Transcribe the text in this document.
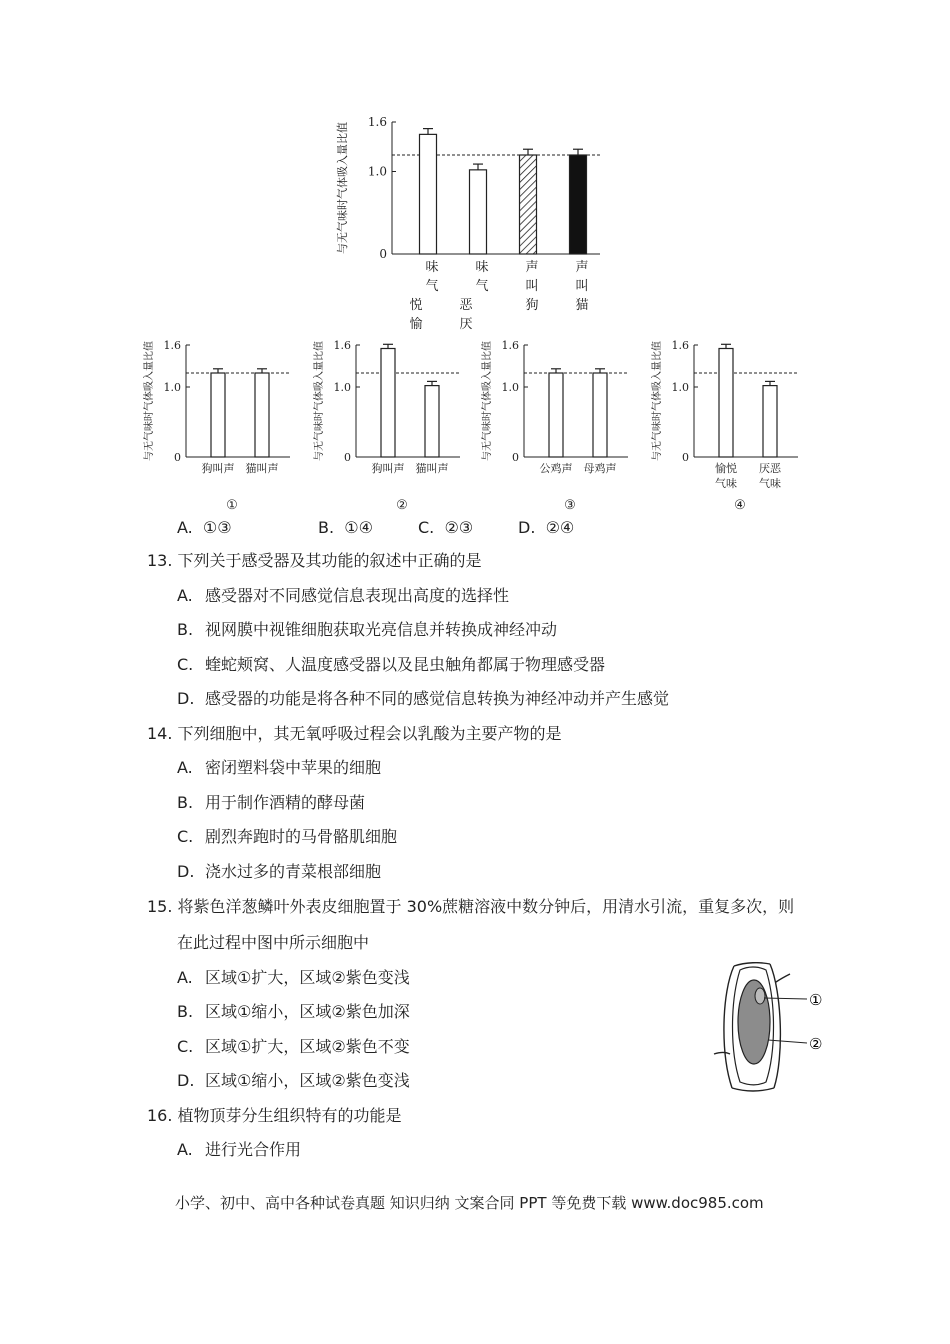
与无气味时气体吸入量比值	0
1.0
1.6
味
气
悦
愉
味
气
恶
厌
声
叫
狗
声
叫
猫
与无气味时气体吸入量比值 0
1.0
1.6
狗叫声 猫叫声
①
与无气味时气体吸入量比值 0
1.0
1.6
狗叫声 猫叫声
②
与无气味时气体吸入量比值 0
1.0
1.6
公鸡声 母鸡声
③
与无气味时气体吸入量比值 0
1.0
1.6
愉悦
气味
厌恶
气味
④
A. ①③	B. ①④	C. ②③	D. ②④
13. 下列关于感受器及其功能的叙述中正确的是
A. 感受器对不同感觉信息表现出高度的选择性
B. 视网膜中视锥细胞获取光亮信息并转换成神经冲动
C. 蝰蛇颊窝、人温度感受器以及昆虫触角都属于物理感受器
D. 感受器的功能是将各种不同的感觉信息转换为神经冲动并产生感觉
14. 下列细胞中，其无氧呼吸过程会以乳酸为主要产物的是
A. 密闭塑料袋中苹果的细胞
B. 用于制作酒精的酵母菌
C. 剧烈奔跑时的马骨骼肌细胞
D. 浇水过多的青菜根部细胞
15. 将紫色洋葱鳞叶外表皮细胞置于 30%蔗糖溶液中数分钟后，用清水引流，重复多次，则
在此过程中图中所示细胞中
A. 区域①扩大，区域②紫色变浅
B. 区域①缩小，区域②紫色加深
C. 区域①扩大，区域②紫色不变
D. 区域①缩小，区域②紫色变浅
①
②
16. 植物顶芽分生组织特有的功能是
A. 进行光合作用
小学、初中、高中各种试卷真题 知识归纳 文案合同 PPT 等免费下载 www.doc985.com
